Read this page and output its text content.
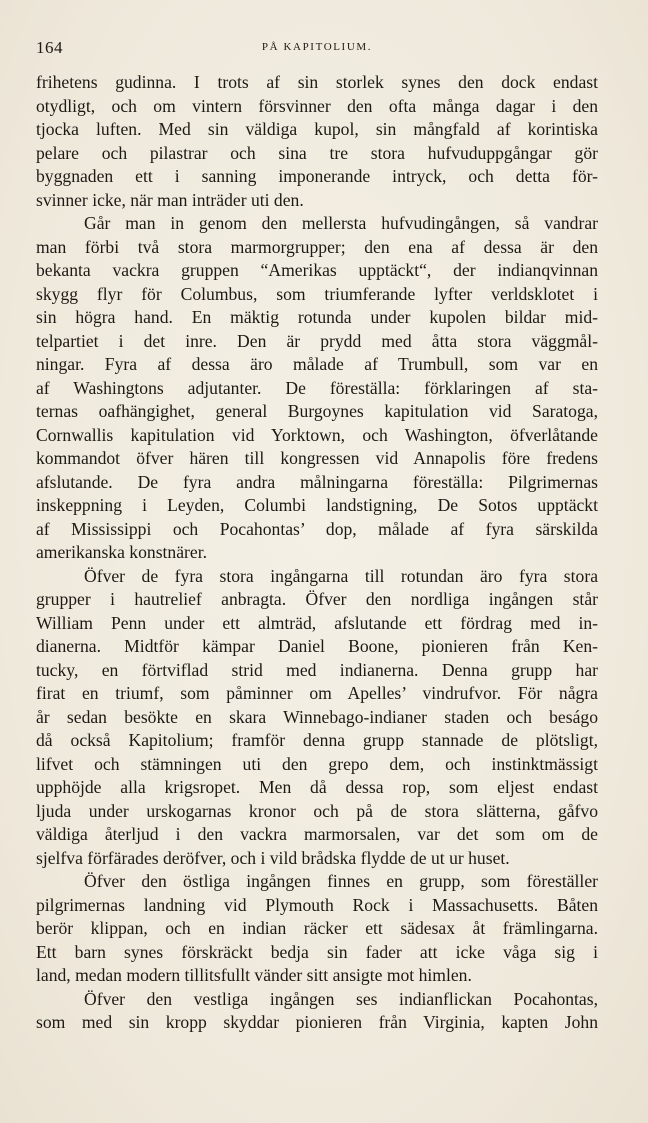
164	PÅ KAPITOLIUM.
frihetens gudinna. I trots af sin storlek synes den dock endast
otydligt, och om vintern försvinner den ofta många dagar i den
tjocka luften. Med sin väldiga kupol, sin mångfald af korintiska
pelare och pilastrar och sina tre stora hufvuduppgångar gör
byggnaden ett i sanning imponerande intryck, och detta för-
svinner icke, när man inträder uti den.
Går man in genom den mellersta hufvudingången, så vandrar
man förbi två stora marmorgrupper; den ena af dessa är den
bekanta vackra gruppen “Amerikas upptäckt“, der indianqvinnan
skygg flyr för Columbus, som triumferande lyfter verldsklotet i
sin högra hand. En mäktig rotunda under kupolen bildar mid-
telpartiet i det inre. Den är prydd med åtta stora väggmål-
ningar. Fyra af dessa äro målade af Trumbull, som var en
af Washingtons adjutanter. De föreställa: förklaringen af sta-
ternas oafhängighet, general Burgoynes kapitulation vid Saratoga,
Cornwallis kapitulation vid Yorktown, och Washington, öfverlåtande
kommandot öfver hären till kongressen vid Annapolis före fredens
afslutande. De fyra andra målningarna föreställa: Pilgrimernas
inskeppning i Leyden, Columbi landstigning, De Sotos upptäckt
af Mississippi och Pocahontas’ dop, målade af fyra särskilda
amerikanska konstnärer.
Öfver de fyra stora ingångarna till rotundan äro fyra stora
grupper i hautrelief anbragta. Öfver den nordliga ingången står
William Penn under ett almträd, afslutande ett fördrag med in-
dianerna. Midtför kämpar Daniel Boone, pionieren från Ken-
tucky, en förtviflad strid med indianerna. Denna grupp har
firat en triumf, som påminner om Apelles’ vindrufvor. För några
år sedan besökte en skara Winnebago-indianer staden och beságo
då också Kapitolium; framför denna grupp stannade de plötsligt,
lifvet och stämningen uti den grepo dem, och instinktmässigt
upphöjde alla krigsropet. Men då dessa rop, som eljest endast
ljuda under urskogarnas kronor och på de stora slätterna, gåfvo
väldiga återljud i den vackra marmorsalen, var det som om de
sjelfva förfärades deröfver, och i vild brådska flydde de ut ur huset.
Öfver den östliga ingången finnes en grupp, som föreställer
pilgrimernas landning vid Plymouth Rock i Massachusetts. Båten
berör klippan, och en indian räcker ett sädesax åt främlingarna.
Ett barn synes förskräckt bedja sin fader att icke våga sig i
land, medan modern tillitsfullt vänder sitt ansigte mot himlen.
Öfver den vestliga ingången ses indianflickan Pocahontas,
som med sin kropp skyddar pionieren från Virginia, kapten John
